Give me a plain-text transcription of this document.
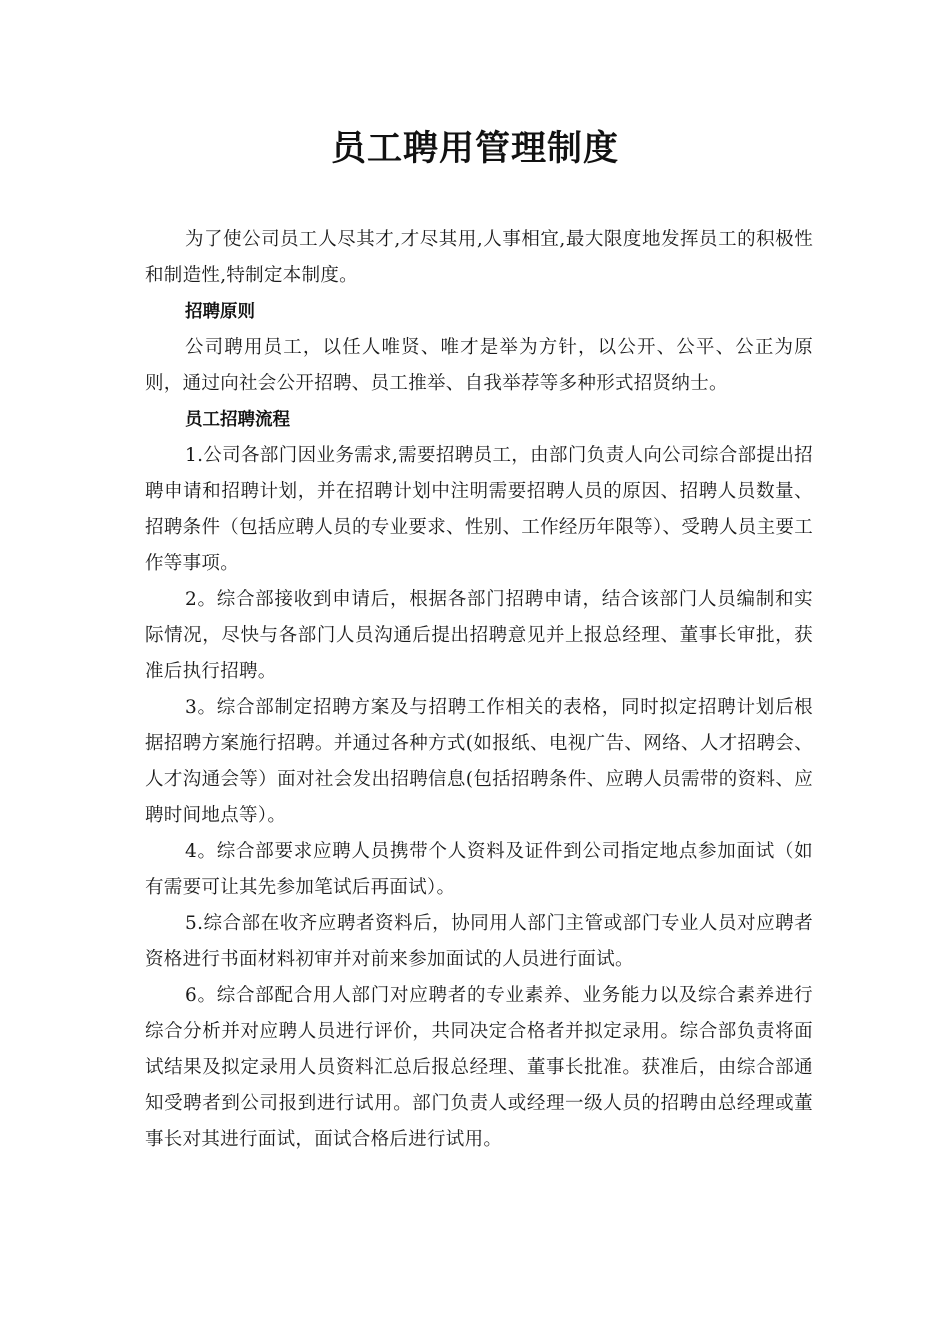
员工聘用管理制度

为了使公司员工人尽其才,才尽其用,人事相宜,最大限度地发挥员工的积极性和制造性,特制定本制度。

招聘原则

公司聘用员工，以任人唯贤、唯才是举为方针，以公开、公平、公正为原则，通过向社会公开招聘、员工推举、自我举荐等多种形式招贤纳士。

员工招聘流程

1.公司各部门因业务需求,需要招聘员工，由部门负责人向公司综合部提出招聘申请和招聘计划，并在招聘计划中注明需要招聘人员的原因、招聘人员数量、招聘条件（包括应聘人员的专业要求、性别、工作经历年限等）、受聘人员主要工作等事项。

2。综合部接收到申请后，根据各部门招聘申请，结合该部门人员编制和实际情况，尽快与各部门人员沟通后提出招聘意见并上报总经理、董事长审批，获准后执行招聘。

3。综合部制定招聘方案及与招聘工作相关的表格，同时拟定招聘计划后根据招聘方案施行招聘。并通过各种方式(如报纸、电视广告、网络、人才招聘会、人才沟通会等）面对社会发出招聘信息(包括招聘条件、应聘人员需带的资料、应聘时间地点等）。

4。综合部要求应聘人员携带个人资料及证件到公司指定地点参加面试（如有需要可让其先参加笔试后再面试）。

5.综合部在收齐应聘者资料后，协同用人部门主管或部门专业人员对应聘者资格进行书面材料初审并对前来参加面试的人员进行面试。

6。综合部配合用人部门对应聘者的专业素养、业务能力以及综合素养进行综合分析并对应聘人员进行评价，共同决定合格者并拟定录用。综合部负责将面试结果及拟定录用人员资料汇总后报总经理、董事长批准。获准后，由综合部通知受聘者到公司报到进行试用。部门负责人或经理一级人员的招聘由总经理或董事长对其进行面试，面试合格后进行试用。
